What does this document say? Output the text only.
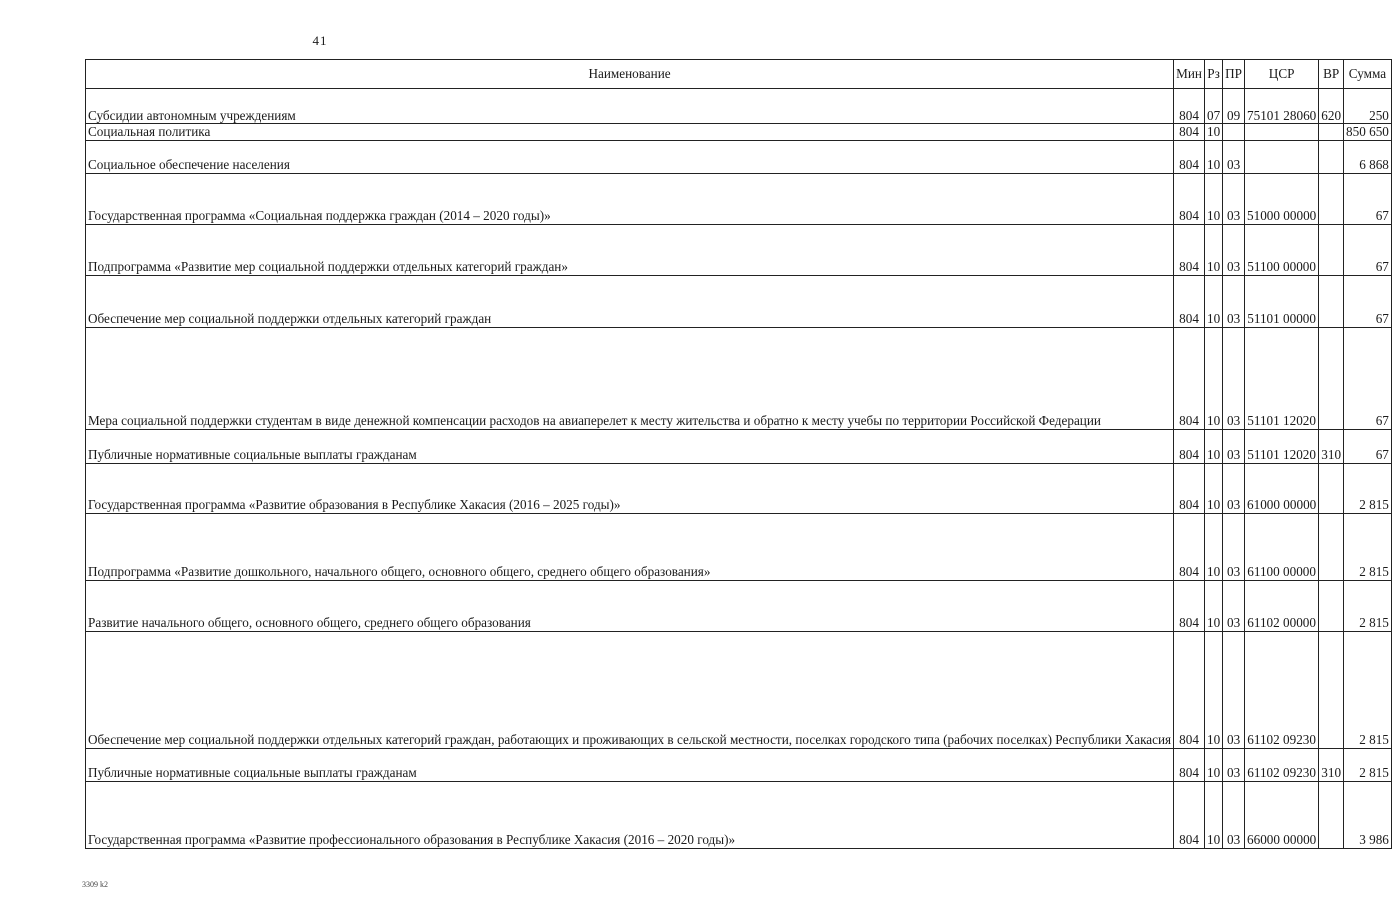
41
Наименование	Мин	Рз	ПР	ЦСР	ВР	Сумма

Субсидии автономным учреждениям	804	07	09	75101 28060	620	250

Социальная политика	804	10				850 650

Социальное обеспечение населения	804	10	03			6 868

Государственная программа «Социальная поддержка граждан (2014 – 2020 годы)»	804	10	03	51000 00000		67

Подпрограмма «Развитие мер социальной поддержки отдельных категорий граждан»	804	10	03	51100 00000		67

Обеспечение мер социальной поддержки отдельных категорий граждан	804	10	03	51101 00000		67

Мера социальной поддержки студентам в виде денежной компенсации расходов на авиаперелет к месту жительства и обратно к месту учебы по территории Российской Федерации	804	10	03	51101 12020		67

Публичные нормативные социальные выплаты гражданам	804	10	03	51101 12020	310	67

Государственная программа «Развитие образования в Республике Хакасия (2016 – 2025 годы)»	804	10	03	61000 00000		2 815

Подпрограмма «Развитие дошкольного, начального общего, основного общего, среднего общего образования»	804	10	03	61100 00000		2 815

Развитие начального общего, основного общего, среднего общего образования	804	10	03	61102 00000		2 815

Обеспечение мер социальной поддержки отдельных категорий граждан, работающих и проживающих в сельской местности, поселках городского типа (рабочих поселках) Республики Хакасия	804	10	03	61102 09230		2 815

Публичные нормативные социальные выплаты гражданам	804	10	03	61102 09230	310	2 815

Государственная программа «Развитие профессионального образования в Республике Хакасия (2016 – 2020 годы)»	804	10	03	66000 00000		3 986
3309 k2
